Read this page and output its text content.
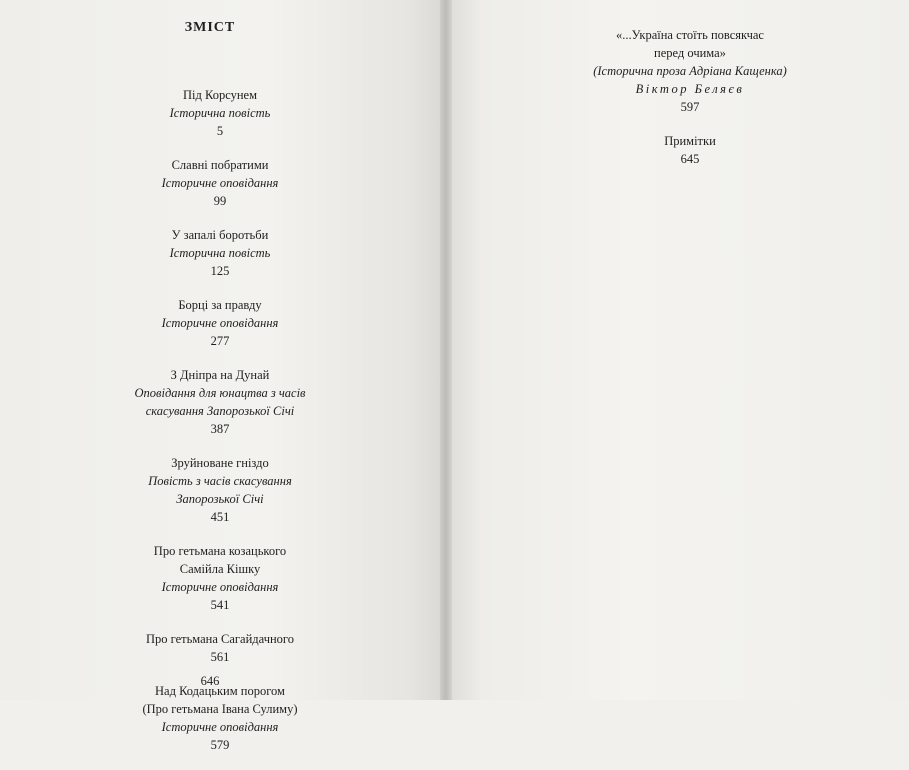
ЗМІСТ
Під Корсунем
Історична повість
5
Славні побратими
Історичне оповідання
99
У запалі боротьби
Історична повість
125
Борці за правду
Історичне оповідання
277
З Дніпра на Дунай
Оповідання для юнацтва з часів
скасування Запорозької Січі
387
Зруйноване гніздо
Повість з часів скасування
Запорозької Січі
451
Про гетьмана козацького
Самійла Кішку
Історичне оповідання
541
Про гетьмана Сагайдачного
561
Над Кодацьким порогом
(Про гетьмана Івана Сулиму)
Історичне оповідання
579
646
«...Україна стоїть повсякчас
перед очима»
(Історична проза Адріана Кащенка)
Віктор Беляєв
597
Примітки
645
